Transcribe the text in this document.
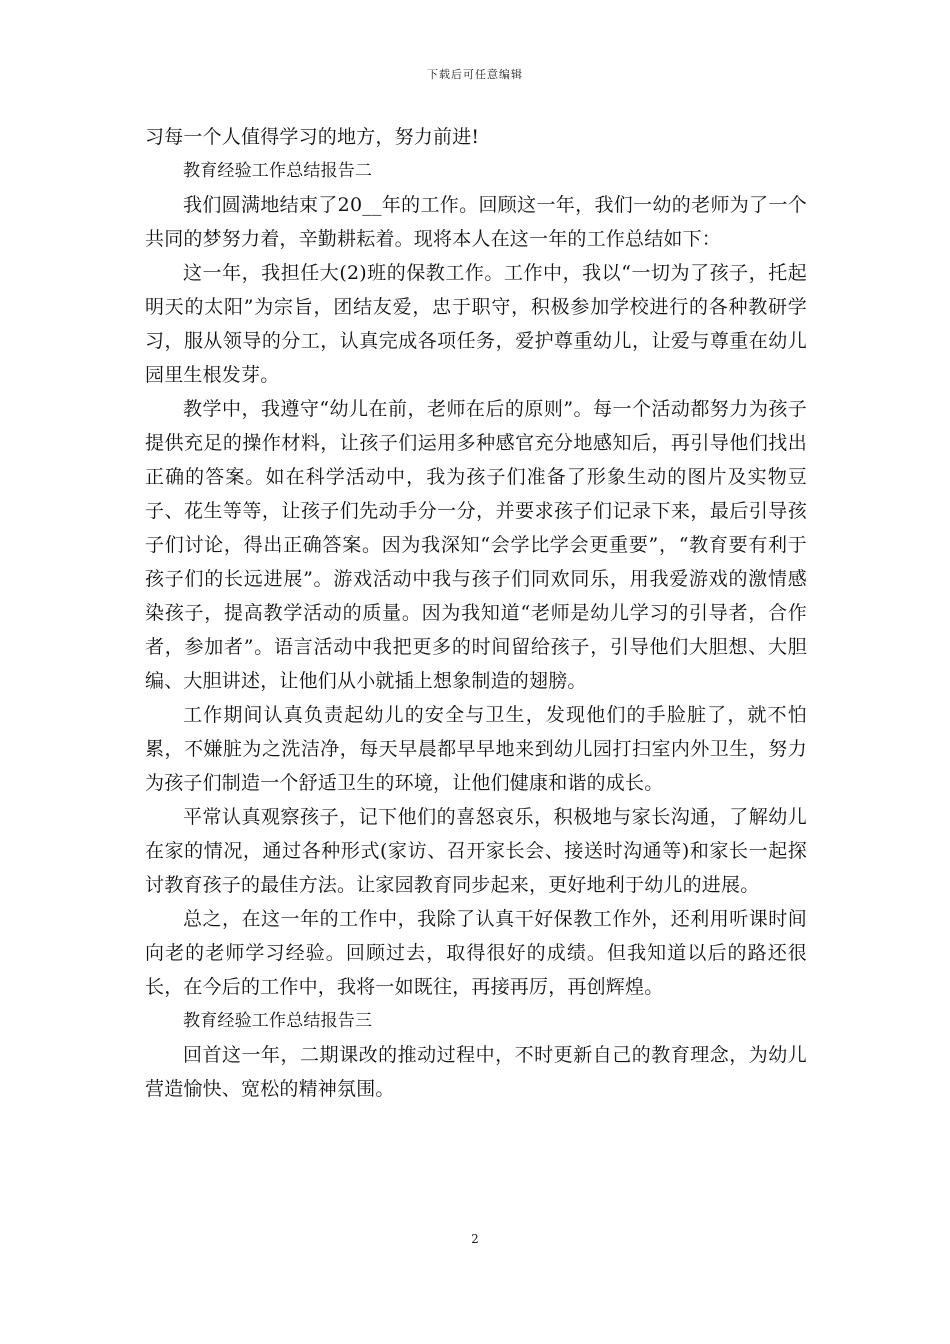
下载后可任意编辑

习每一个人值得学习的地方，努力前进!

教育经验工作总结报告二

我们圆满地结束了20__年的工作。回顾这一年，我们一幼的老师为了一个共同的梦努力着，辛勤耕耘着。现将本人在这一年的工作总结如下：

这一年，我担任大(2)班的保教工作。工作中，我以“一切为了孩子，托起明天的太阳”为宗旨，团结友爱，忠于职守，积极参加学校进行的各种教研学习，服从领导的分工，认真完成各项任务，爱护尊重幼儿，让爱与尊重在幼儿园里生根发芽。

教学中，我遵守“幼儿在前，老师在后的原则”。每一个活动都努力为孩子提供充足的操作材料，让孩子们运用多种感官充分地感知后，再引导他们找出正确的答案。如在科学活动中，我为孩子们准备了形象生动的图片及实物豆子、花生等等，让孩子们先动手分一分，并要求孩子们记录下来，最后引导孩子们讨论，得出正确答案。因为我深知“会学比学会更重要”，“教育要有利于孩子们的长远进展”。游戏活动中我与孩子们同欢同乐，用我爱游戏的激情感染孩子，提高教学活动的质量。因为我知道“老师是幼儿学习的引导者，合作者，参加者”。语言活动中我把更多的时间留给孩子，引导他们大胆想、大胆编、大胆讲述，让他们从小就插上想象制造的翅膀。

工作期间认真负责起幼儿的安全与卫生，发现他们的手脸脏了，就不怕累，不嫌脏为之洗洁净，每天早晨都早早地来到幼儿园打扫室内外卫生，努力为孩子们制造一个舒适卫生的环境，让他们健康和谐的成长。

平常认真观察孩子，记下他们的喜怒哀乐，积极地与家长沟通，了解幼儿在家的情况，通过各种形式(家访、召开家长会、接送时沟通等)和家长一起探讨教育孩子的最佳方法。让家园教育同步起来，更好地利于幼儿的进展。

总之，在这一年的工作中，我除了认真干好保教工作外，还利用听课时间向老的老师学习经验。回顾过去，取得很好的成绩。但我知道以后的路还很长，在今后的工作中，我将一如既往，再接再厉，再创辉煌。

教育经验工作总结报告三

回首这一年，二期课改的推动过程中，不时更新自己的教育理念，为幼儿营造愉快、宽松的精神氛围。

2
